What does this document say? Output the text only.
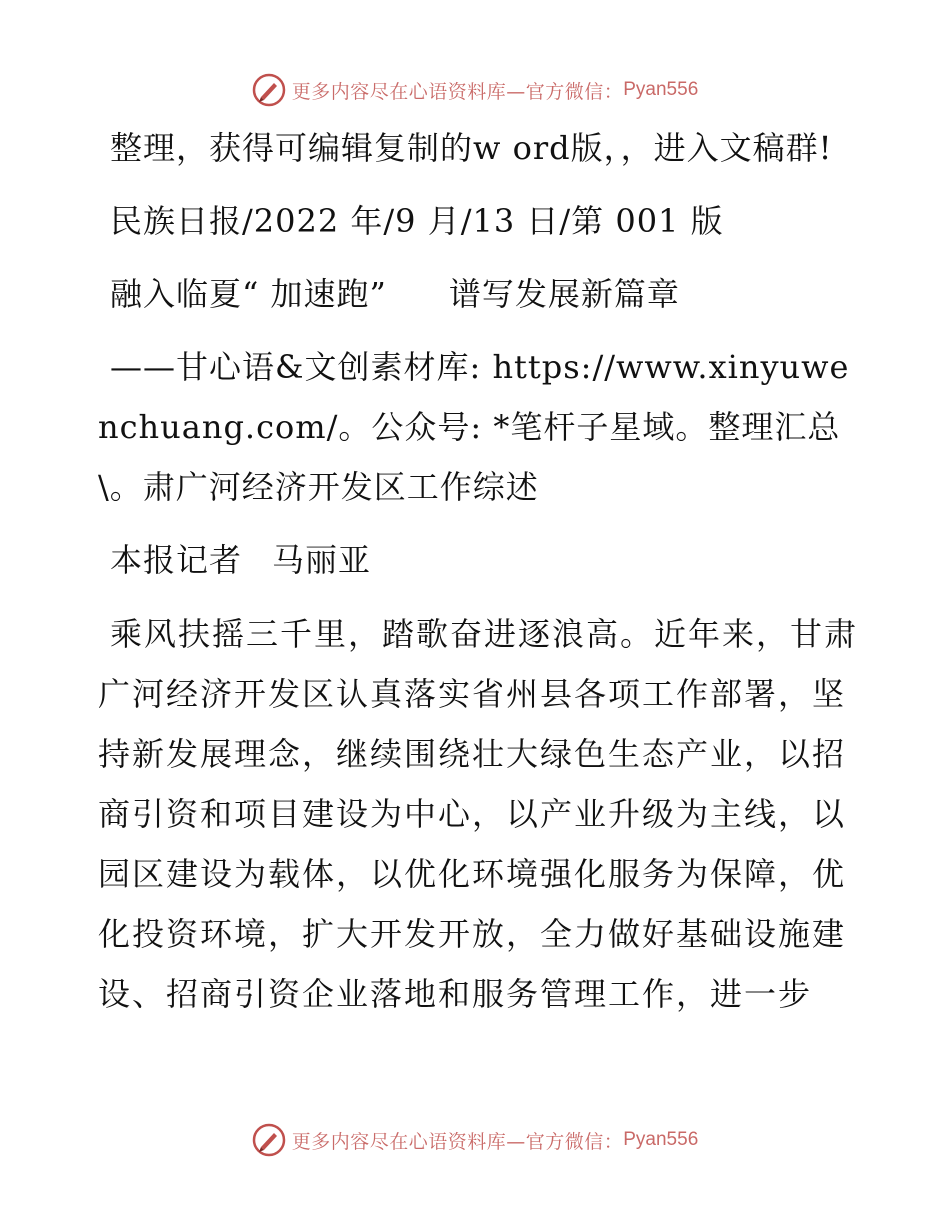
更多内容尽在心语资料库—官方微信： Pyan556

整理，获得可编辑复制的w ord版，，进入文稿群!

民族日报/2022 年/9 月/13 日/第 001 版

融入临夏“ 加速跑” 谱写发展新篇章

——甘心语&文创素材库: https://www.xinyuwenchuang.com/。公众号: *笔杆子星域。整理汇总\。肃广河经济开发区工作综述

本报记者 马丽亚

乘风扶摇三千里，踏歌奋进逐浪高。近年来，甘肃广河经济开发区认真落实省州县各项工作部署，坚持新发展理念，继续围绕壮大绿色生态产业，以招商引资和项目建设为中心，以产业升级为主线，以园区建设为载体，以优化环境强化服务为保障，优化投资环境，扩大开发开放，全力做好基础设施建设、招商引资企业落地和服务管理工作，进一步

更多内容尽在心语资料库—官方微信： Pyan556
